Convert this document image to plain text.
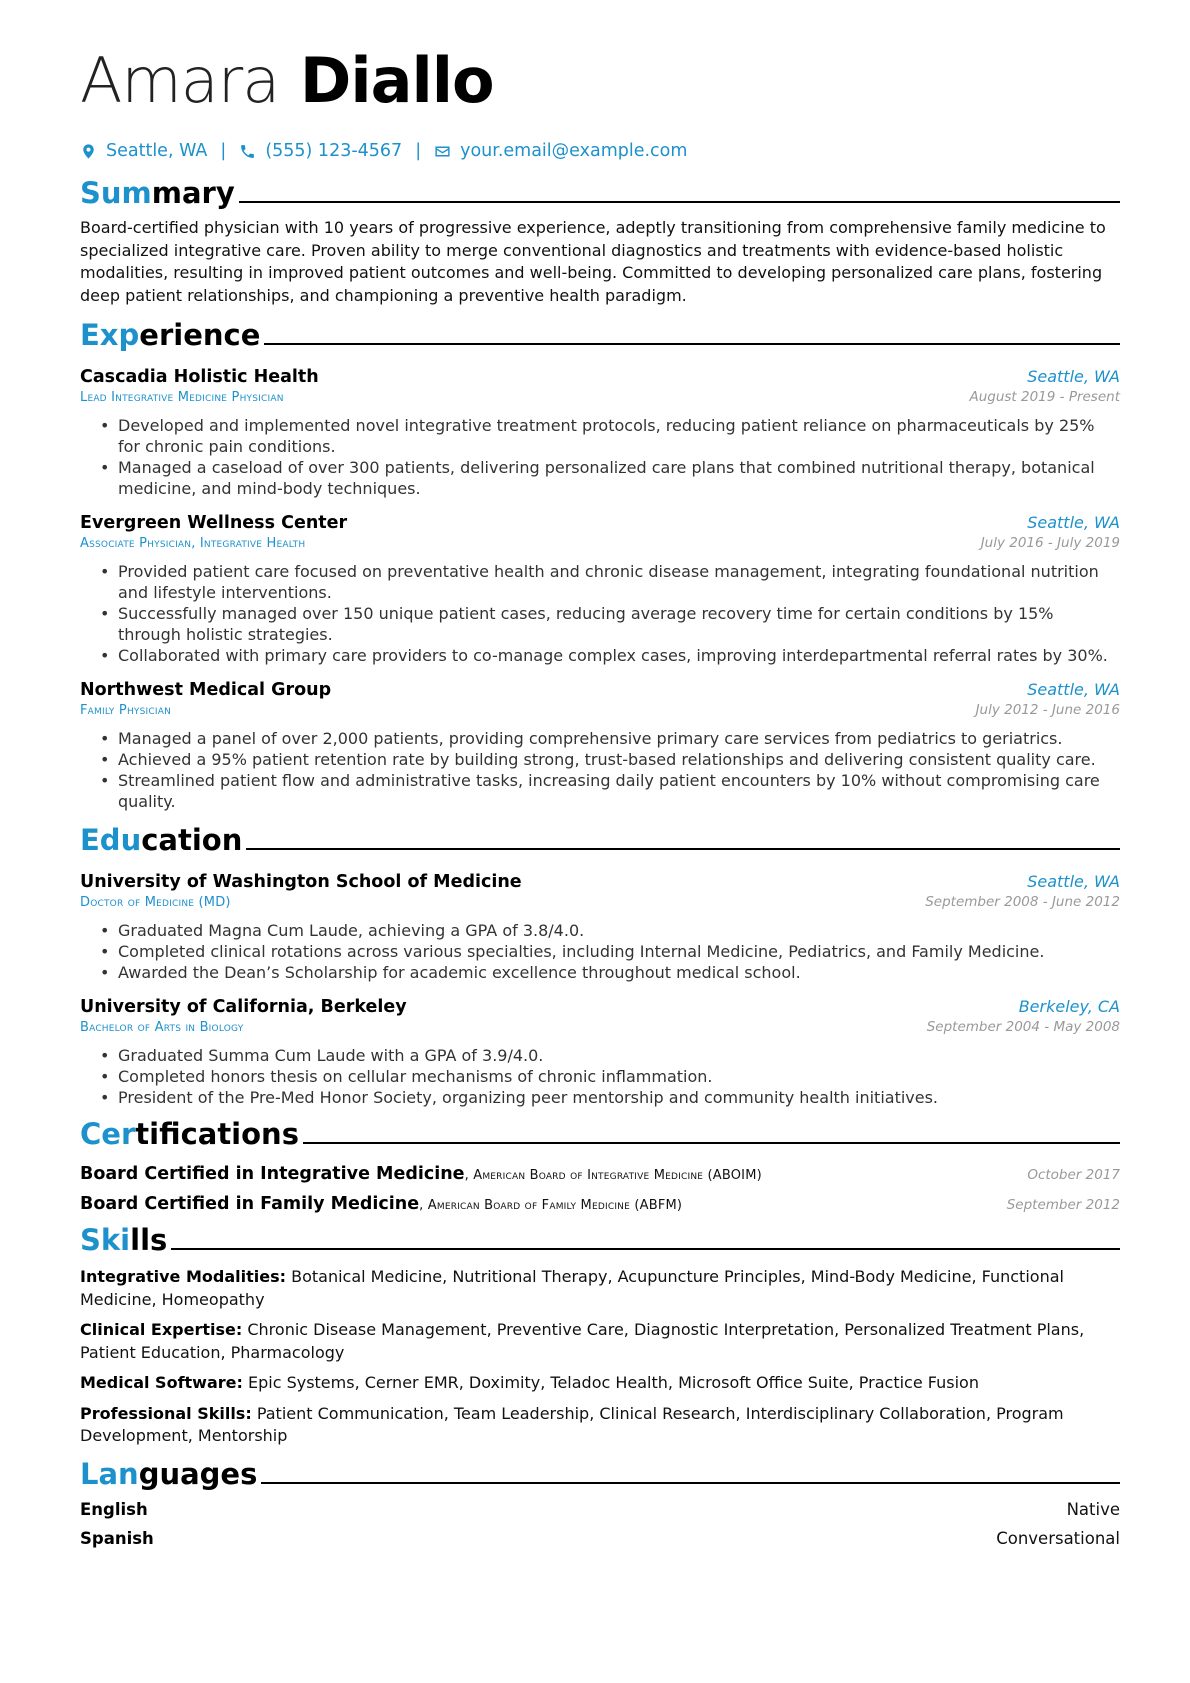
Amara Diallo
Seattle, WA | (555) 123-4567 | your.email@example.com
Summary

Board-certified physician with 10 years of progressive experience, adeptly transitioning from comprehensive family medicine to specialized integrative care. Proven ability to merge conventional diagnostics and treatments with evidence-based holistic modalities, resulting in improved patient outcomes and well-being. Committed to developing personalized care plans, fostering deep patient relationships, and championing a preventive health paradigm.

Experience
Cascadia Holistic Health	Seattle, WA
Lead Integrative Medicine Physician	August 2019 - Present
• Developed and implemented novel integrative treatment protocols, reducing patient reliance on pharmaceuticals by 25% for chronic pain conditions.
• Managed a caseload of over 300 patients, delivering personalized care plans that combined nutritional therapy, botanical medicine, and mind-body techniques.
Evergreen Wellness Center	Seattle, WA
Associate Physician, Integrative Health	July 2016 - July 2019
• Provided patient care focused on preventative health and chronic disease management, integrating foundational nutrition and lifestyle interventions.
• Successfully managed over 150 unique patient cases, reducing average recovery time for certain conditions by 15% through holistic strategies.
• Collaborated with primary care providers to co-manage complex cases, improving interdepartmental referral rates by 30%.
Northwest Medical Group	Seattle, WA
Family Physician	July 2012 - June 2016
• Managed a panel of over 2,000 patients, providing comprehensive primary care services from pediatrics to geriatrics.
• Achieved a 95% patient retention rate by building strong, trust-based relationships and delivering consistent quality care.
• Streamlined patient flow and administrative tasks, increasing daily patient encounters by 10% without compromising care quality.
Education
University of Washington School of Medicine	Seattle, WA
Doctor of Medicine (MD)	September 2008 - June 2012
• Graduated Magna Cum Laude, achieving a GPA of 3.8/4.0.
• Completed clinical rotations across various specialties, including Internal Medicine, Pediatrics, and Family Medicine.
• Awarded the Dean’s Scholarship for academic excellence throughout medical school.
University of California, Berkeley	Berkeley, CA
Bachelor of Arts in Biology	September 2004 - May 2008
• Graduated Summa Cum Laude with a GPA of 3.9/4.0.
• Completed honors thesis on cellular mechanisms of chronic inflammation.
• President of the Pre-Med Honor Society, organizing peer mentorship and community health initiatives.
Certifications
Board Certified in Integrative Medicine, American Board of Integrative Medicine (ABOIM)	October 2017
Board Certified in Family Medicine, American Board of Family Medicine (ABFM)	September 2012
Skills
Integrative Modalities: Botanical Medicine, Nutritional Therapy, Acupuncture Principles, Mind-Body Medicine, Functional Medicine, Homeopathy
Clinical Expertise: Chronic Disease Management, Preventive Care, Diagnostic Interpretation, Personalized Treatment Plans, Patient Education, Pharmacology
Medical Software: Epic Systems, Cerner EMR, Doximity, Teladoc Health, Microsoft Office Suite, Practice Fusion
Professional Skills: Patient Communication, Team Leadership, Clinical Research, Interdisciplinary Collaboration, Program Development, Mentorship
Languages
English	Native
Spanish	Conversational
